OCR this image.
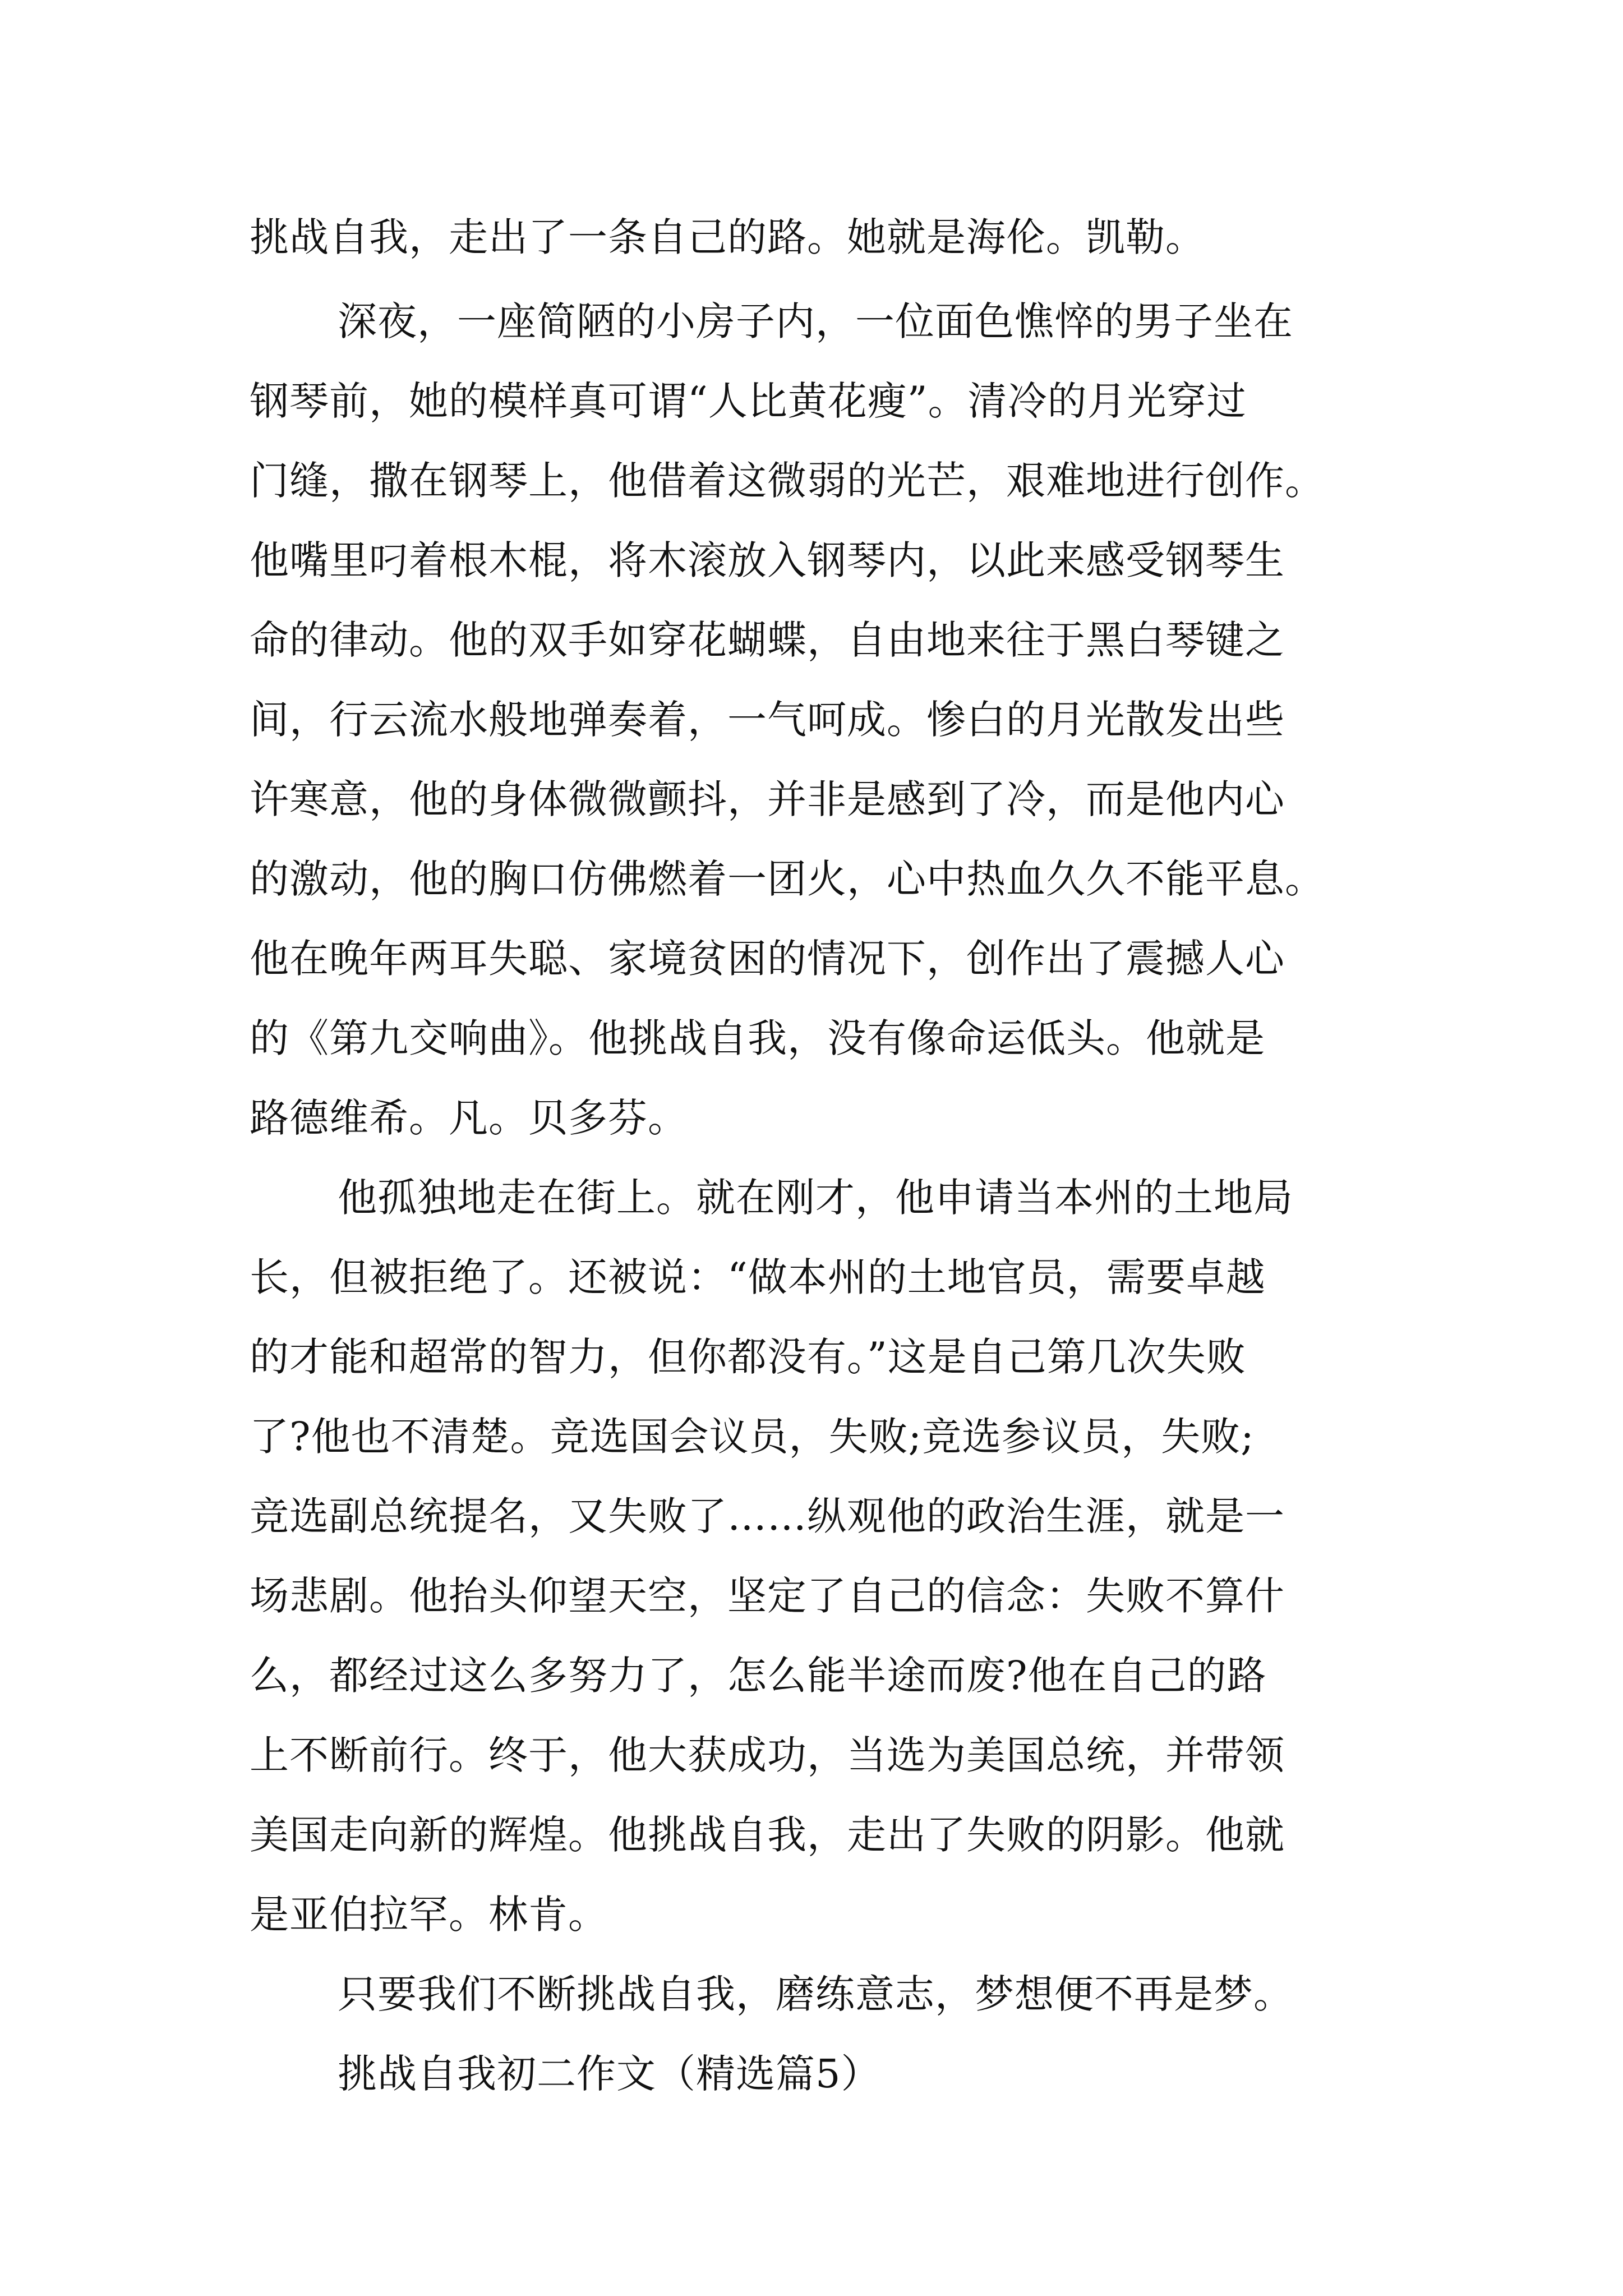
挑战自我，走出了一条自己的路。她就是海伦。凯勒。
深夜，一座简陋的小房子内，一位面色憔悴的男子坐在
钢琴前，她的模样真可谓“人比黄花瘦”。清冷的月光穿过
门缝，撒在钢琴上，他借着这微弱的光芒，艰难地进行创作。
他嘴里叼着根木棍，将木滚放入钢琴内，以此来感受钢琴生
命的律动。他的双手如穿花蝴蝶，自由地来往于黑白琴键之
间，行云流水般地弹奏着，一气呵成。惨白的月光散发出些
许寒意，他的身体微微颤抖，并非是感到了冷，而是他内心
的激动，他的胸口仿佛燃着一团火，心中热血久久不能平息。
他在晚年两耳失聪、家境贫困的情况下，创作出了震撼人心
的《第九交响曲》。他挑战自我，没有像命运低头。他就是
路德维希。凡。贝多芬。
他孤独地走在街上。就在刚才，他申请当本州的土地局
长，但被拒绝了。还被说：“做本州的土地官员，需要卓越
的才能和超常的智力，但你都没有。”这是自己第几次失败
了?他也不清楚。竞选国会议员，失败;竞选参议员，失败;
竞选副总统提名，又失败了……纵观他的政治生涯，就是一
场悲剧。他抬头仰望天空，坚定了自己的信念：失败不算什
么，都经过这么多努力了，怎么能半途而废?他在自己的路
上不断前行。终于，他大获成功，当选为美国总统，并带领
美国走向新的辉煌。他挑战自我，走出了失败的阴影。他就
是亚伯拉罕。林肯。
只要我们不断挑战自我，磨练意志，梦想便不再是梦。
挑战自我初二作文（精选篇5）
